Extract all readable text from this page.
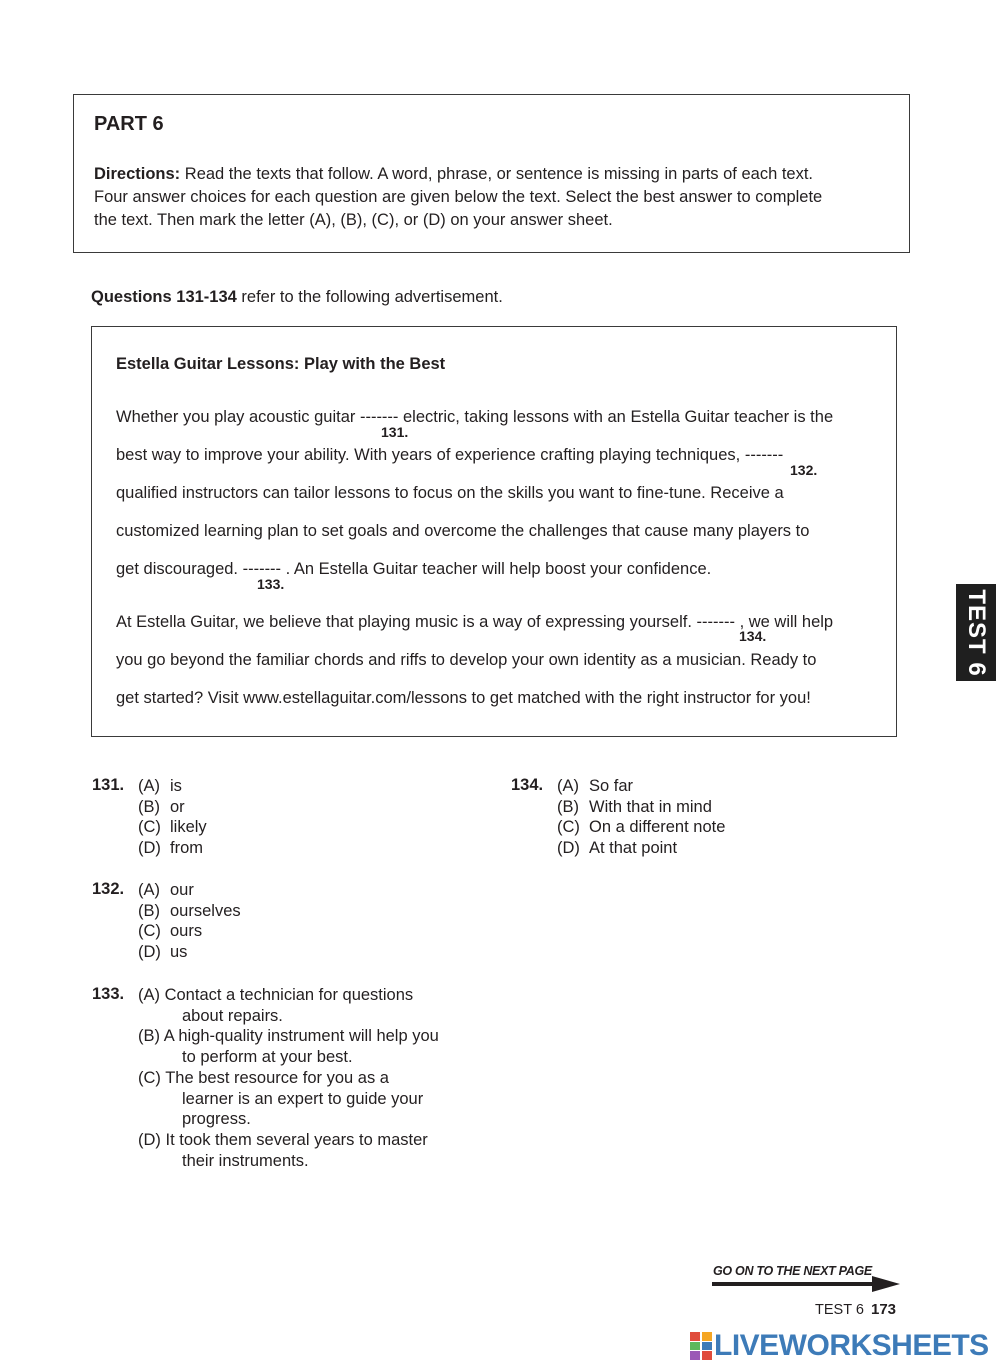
PART 6
Directions: Read the texts that follow. A word, phrase, or sentence is missing in parts of each text.
Four answer choices for each question are given below the text. Select the best answer to complete
the text. Then mark the letter (A), (B), (C), or (D) on your answer sheet.
Questions 131-134 refer to the following advertisement.
Estella Guitar Lessons: Play with the Best
Whether you play acoustic guitar ------- electric, taking lessons with an Estella Guitar teacher is the
131.
best way to improve your ability. With years of experience crafting playing techniques, -------
132.
qualified instructors can tailor lessons to focus on the skills you want to fine-tune. Receive a
customized learning plan to set goals and overcome the challenges that cause many players to
get discouraged. ------- . An Estella Guitar teacher will help boost your confidence.
133.
At Estella Guitar, we believe that playing music is a way of expressing yourself. ------- , we will help
134.
you go beyond the familiar chords and riffs to develop your own identity as a musician. Ready to
get started? Visit www.estellaguitar.com/lessons to get matched with the right instructor for you!
131. (A) is
(B) or
(C) likely
(D) from
132. (A) our
(B) ourselves
(C) ours
(D) us
133. (A) Contact a technician for questions
about repairs.
(B) A high-quality instrument will help you
to perform at your best.
(C) The best resource for you as a
learner is an expert to guide your
progress.
(D) It took them several years to master
their instruments.
134. (A) So far
(B) With that in mind
(C) On a different note
(D) At that point
TEST 6
GO ON TO THE NEXT PAGE
TEST 6 173
LIVEWORKSHEETS
